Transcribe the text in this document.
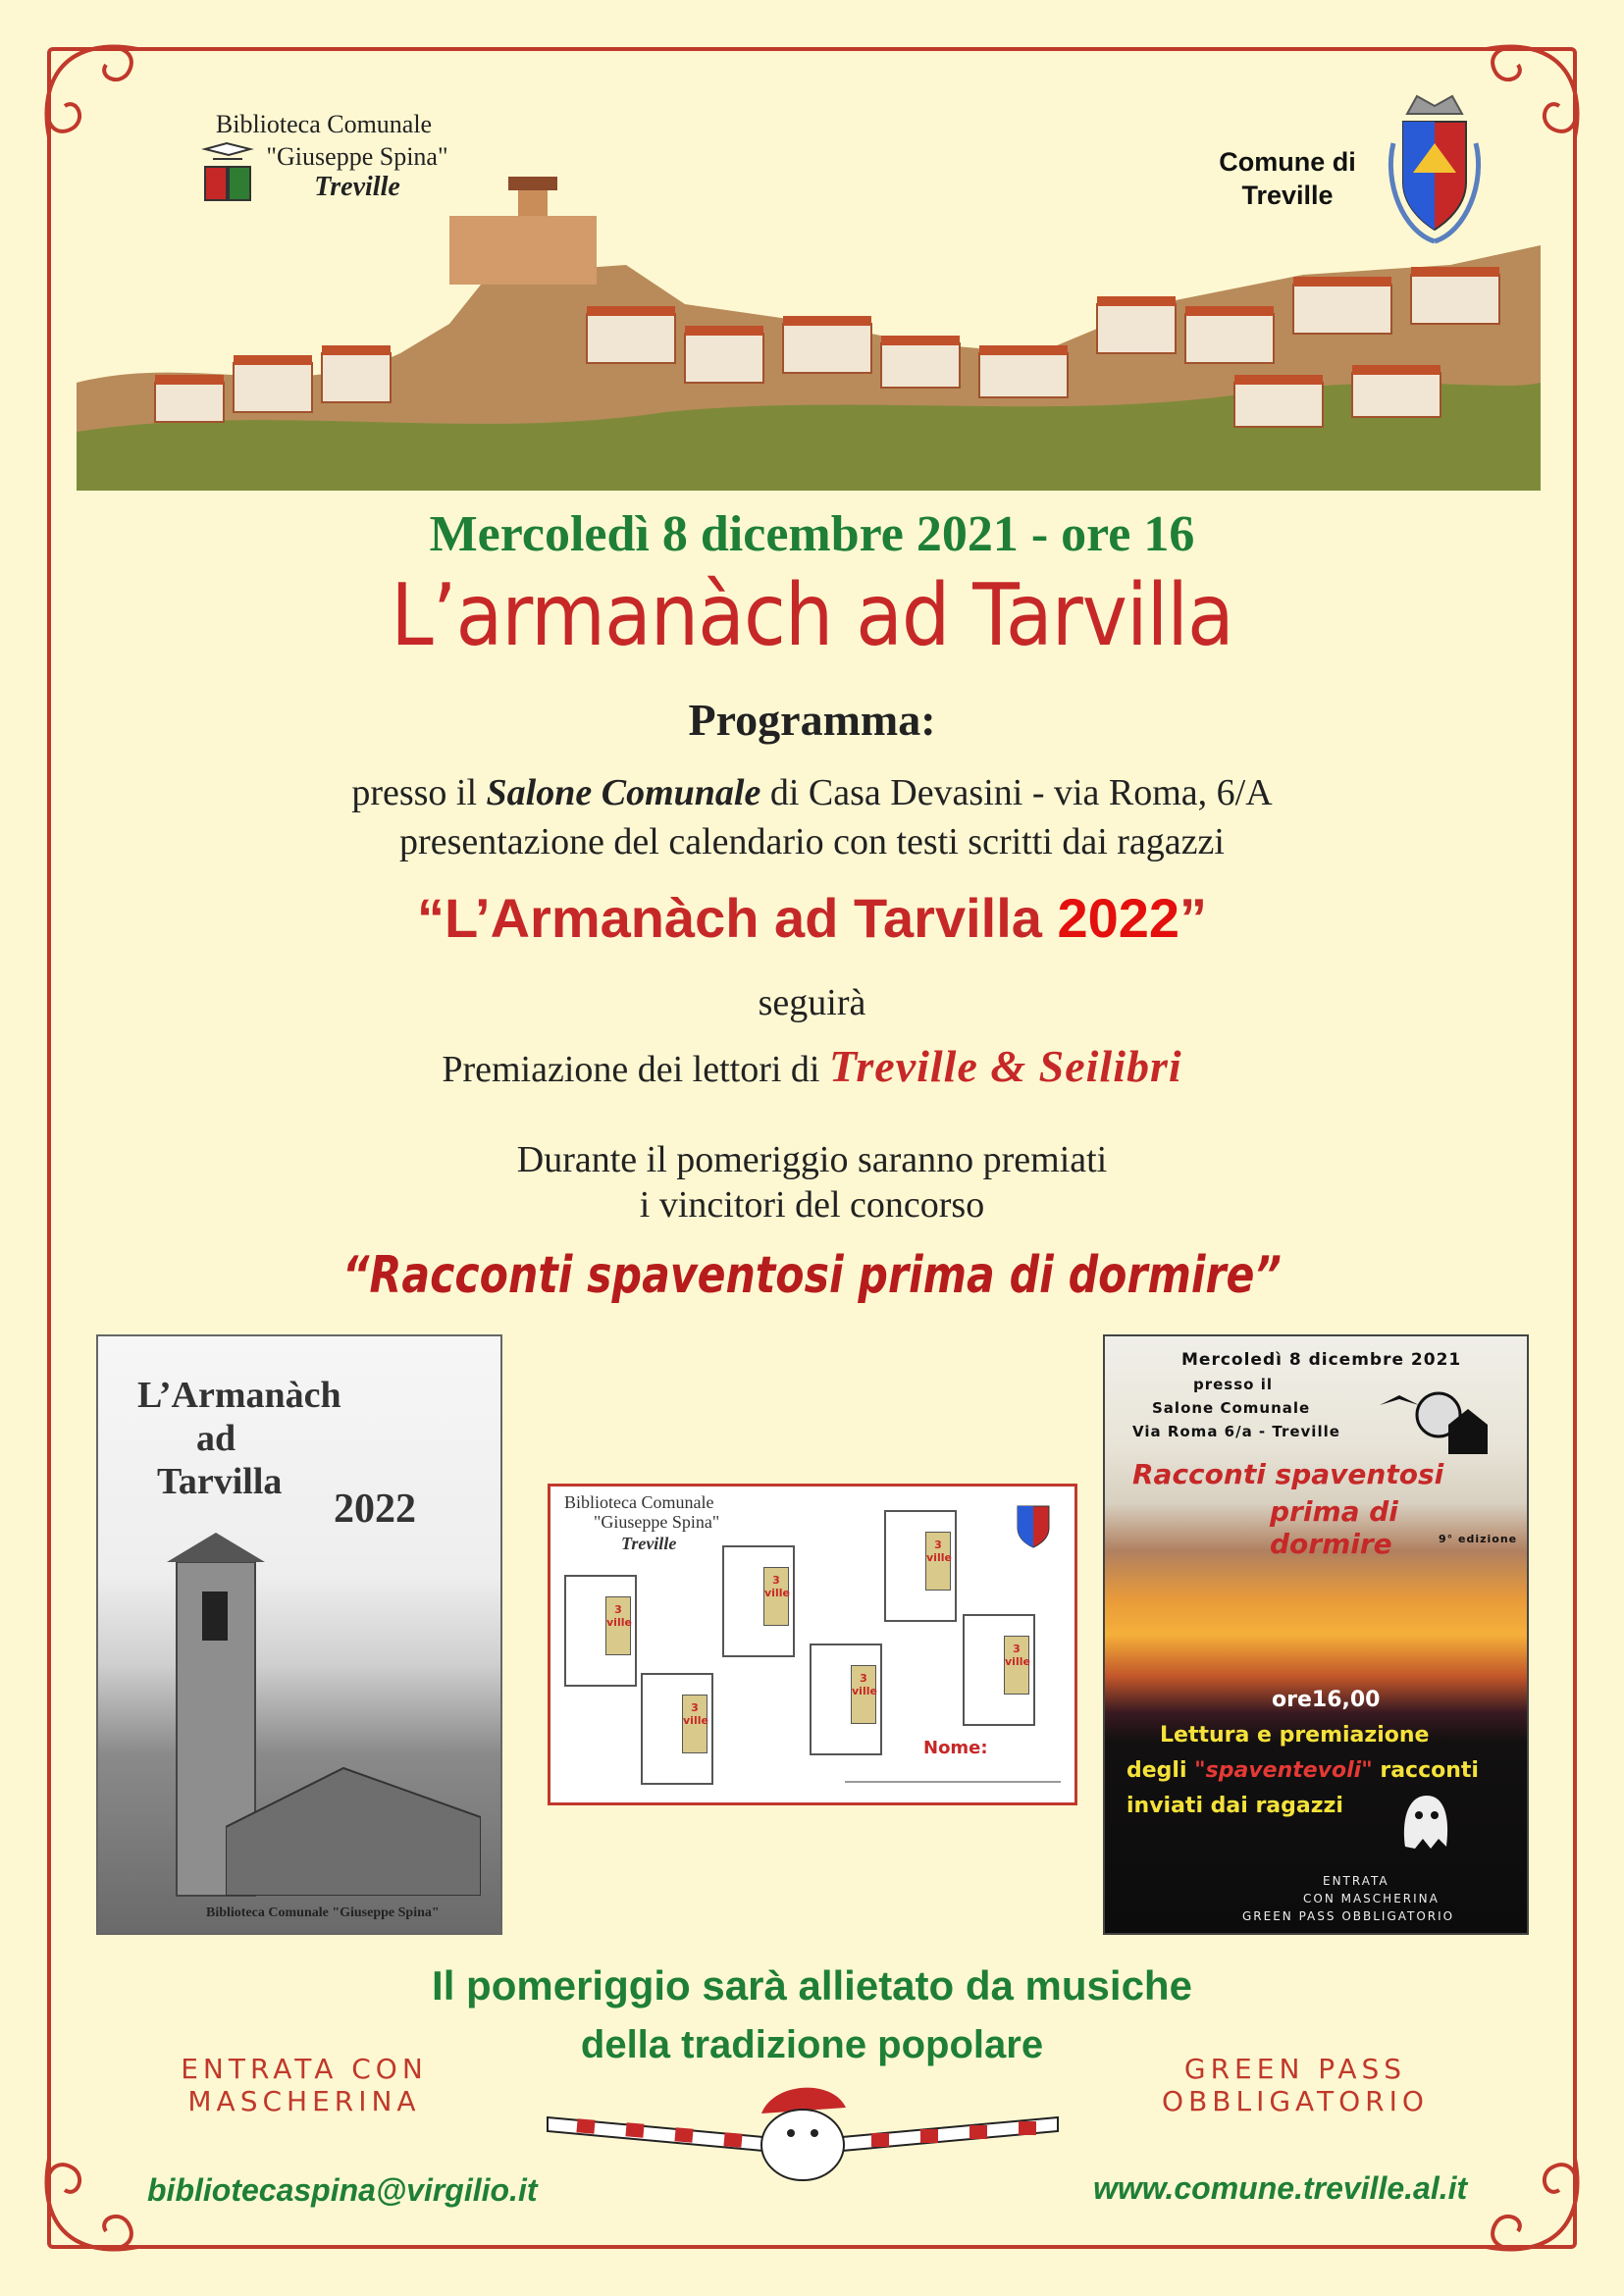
Biblioteca Comunale
"Giuseppe Spina"
Treville
Comune di
Treville
Mercoledì 8 dicembre 2021 - ore 16
L’armanàch ad Tarvilla
Programma:
presso il Salone Comunale di Casa Devasini - via Roma, 6/A
presentazione del calendario con testi scritti dai ragazzi
“L’Armanàch ad Tarvilla 2022”
seguirà
Premiazione dei lettori di Treville & Seilibri
Durante il pomeriggio saranno premiati
i vincitori del concorso
“Racconti spaventosi prima di dormire”
L’Armanàch
ad
Tarvilla
2022
Biblioteca Comunale "Giuseppe Spina"
Biblioteca Comunale
"Giuseppe Spina"
Treville
3 ville
3 ville
3 ville
3 ville
3 ville
3 ville
Nome:
Mercoledì 8 dicembre 2021
presso il
Salone Comunale
Via Roma 6/a - Treville
Racconti spaventosi
prima di dormire	9° edizione
ore16,00
Lettura e premiazione
degli "spaventevoli" racconti
inviati dai ragazzi
ENTRATA
CON MASCHERINA
GREEN PASS OBBLIGATORIO
Il pomeriggio sarà allietato da musiche
della tradizione popolare
ENTRATA CON
MASCHERINA
GREEN PASS
OBBLIGATORIO
bibliotecaspina@virgilio.it	www.comune.treville.al.it
